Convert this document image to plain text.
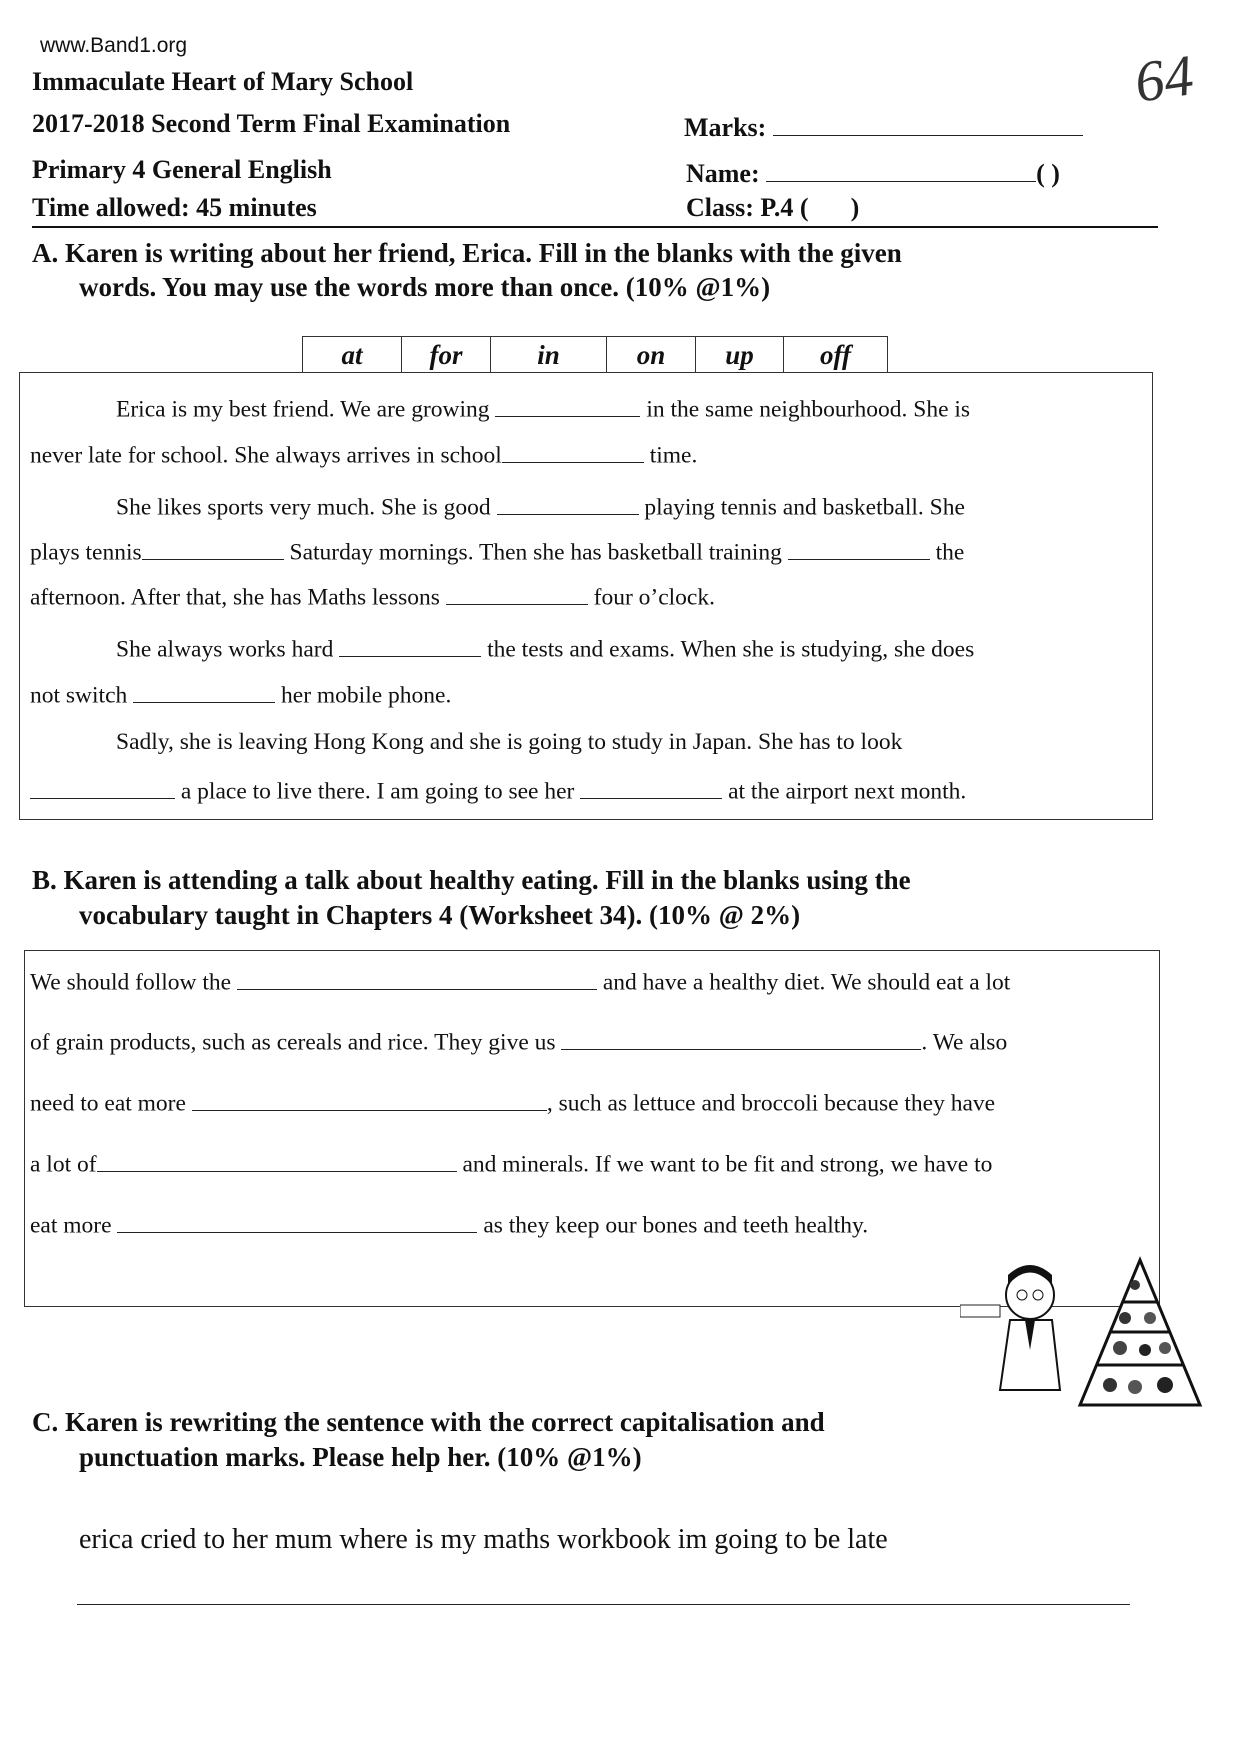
www.Band1.org
Immaculate Heart of Mary School
2017-2018 Second Term Final Examination
Primary 4 General English
Time allowed: 45 minutes
Marks:
Name:	( )
Class: P.4 ( )
64
A. Karen is writing about her friend, Erica. Fill in the blanks with the given
words. You may use the words more than once. (10% @1%)
at	for	in	on	up	off
Erica is my best friend. We are growing	in the same neighbourhood. She is
never late for school. She always arrives in school	time.
She likes sports very much. She is good	playing tennis and basketball. She
plays tennis	Saturday mornings. Then she has basketball training	the
afternoon. After that, she has Maths lessons	four o’clock.
She always works hard	the tests and exams. When she is studying, she does
not switch	her mobile phone.
Sadly, she is leaving Hong Kong and she is going to study in Japan. She has to look
a place to live there. I am going to see her	at the airport next month.
B. Karen is attending a talk about healthy eating. Fill in the blanks using the
vocabulary taught in Chapters 4 (Worksheet 34). (10% @ 2%)
We should follow the	and have a healthy diet. We should eat a lot
of grain products, such as cereals and rice. They give us	. We also
need to eat more	, such as lettuce and broccoli because they have
a lot of	and minerals. If we want to be fit and strong, we have to
eat more	as they keep our bones and teeth healthy.
C. Karen is rewriting the sentence with the correct capitalisation and
punctuation marks. Please help her. (10% @1%)
erica cried to her mum where is my maths workbook im going to be late
